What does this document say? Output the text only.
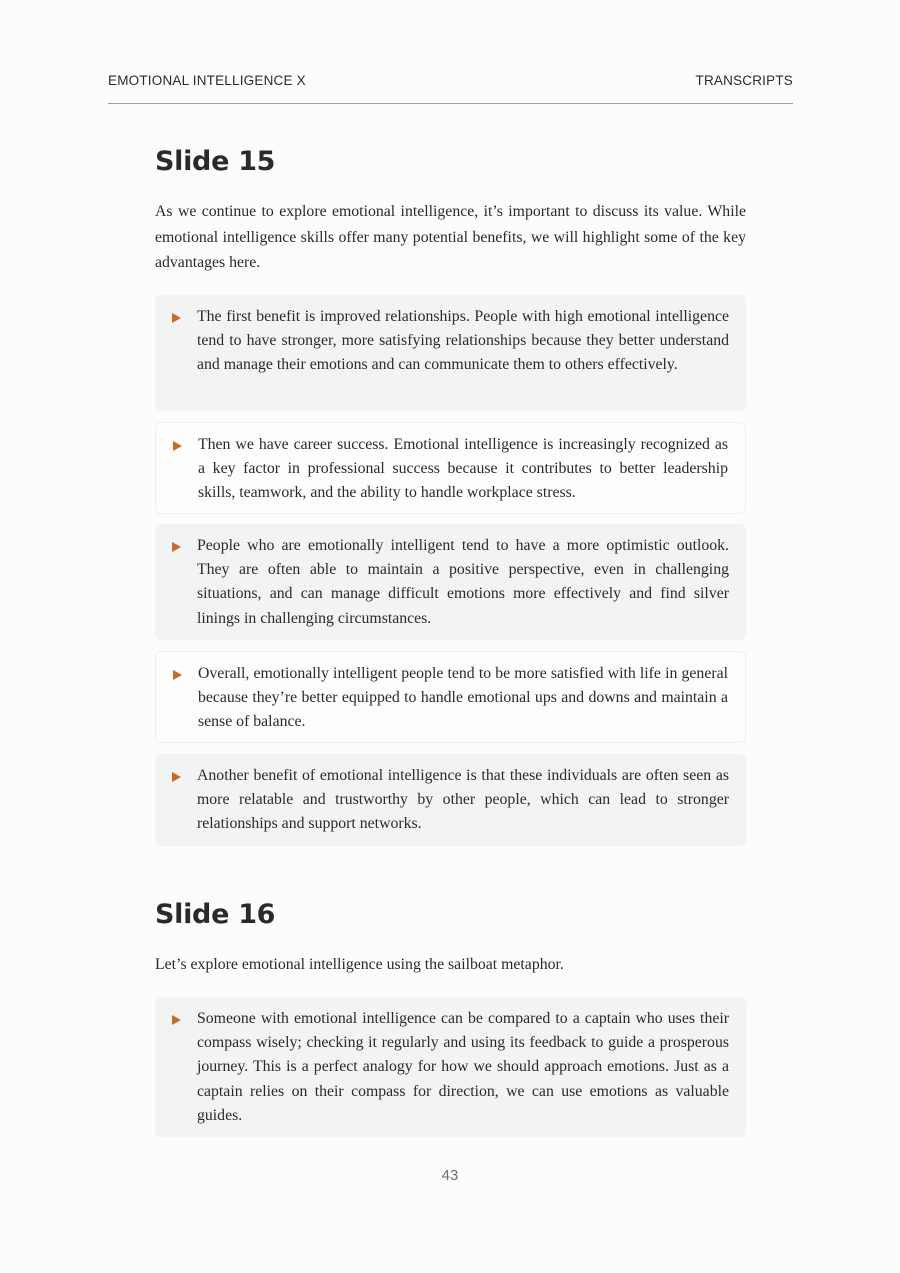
EMOTIONAL INTELLIGENCE X	TRANSCRIPTS
Slide 15

As we continue to explore emotional intelligence, it’s important to discuss its value. While emotional intelligence skills offer many potential benefits, we will highlight some of the key advantages here.

The first benefit is improved relationships. People with high emotional intelligence tend to have stronger, more satisfying relationships because they better understand and manage their emotions and can communicate them to others effectively.

Then we have career success. Emotional intelligence is increasingly recognized as a key factor in professional success because it contributes to better leadership skills, teamwork, and the ability to handle workplace stress.

People who are emotionally intelligent tend to have a more optimistic outlook. They are often able to maintain a positive perspective, even in challenging situations, and can manage difficult emotions more effectively and find silver linings in challenging circumstances.

Overall, emotionally intelligent people tend to be more satisfied with life in general because they’re better equipped to handle emotional ups and downs and maintain a sense of balance.

Another benefit of emotional intelligence is that these individuals are often seen as more relatable and trustworthy by other people, which can lead to stronger relationships and support networks.

Slide 16

Let’s explore emotional intelligence using the sailboat metaphor.

Someone with emotional intelligence can be compared to a captain who uses their compass wisely; checking it regularly and using its feedback to guide a prosperous journey. This is a perfect analogy for how we should approach emotions. Just as a captain relies on their compass for direction, we can use emotions as valuable guides.

43
